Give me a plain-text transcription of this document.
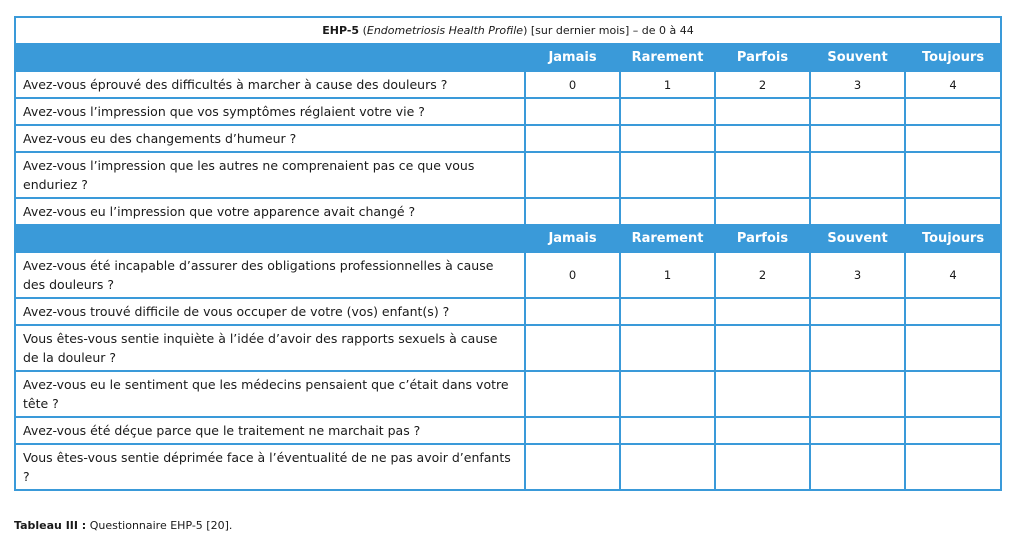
EHP-5 (Endometriosis Health Profile) [sur dernier mois] – de 0 à 44					
	Jamais	Rarement	Parfois	Souvent	Toujours
Avez-vous éprouvé des difficultés à marcher à cause des douleurs ?	0	1	2	3	4
Avez-vous l’impression que vos symptômes réglaient votre vie ?					
Avez-vous eu des changements d’humeur ?					
Avez-vous l’impression que les autres ne comprenaient pas ce que vous enduriez ?					
Avez-vous eu l’impression que votre apparence avait changé ?					
	Jamais	Rarement	Parfois	Souvent	Toujours
Avez-vous été incapable d’assurer des obligations professionnelles à cause des douleurs ?	0	1	2	3	4
Avez-vous trouvé difficile de vous occuper de votre (vos) enfant(s) ?					
Vous êtes-vous sentie inquiète à l’idée d’avoir des rapports sexuels à cause de la douleur ?					
Avez-vous eu le sentiment que les médecins pensaient que c’était dans votre tête ?					
Avez-vous été déçue parce que le traitement ne marchait pas ?					
Vous êtes-vous sentie déprimée face à l’éventualité de ne pas avoir d’enfants ?					
Tableau III : Questionnaire EHP-5 [20].
